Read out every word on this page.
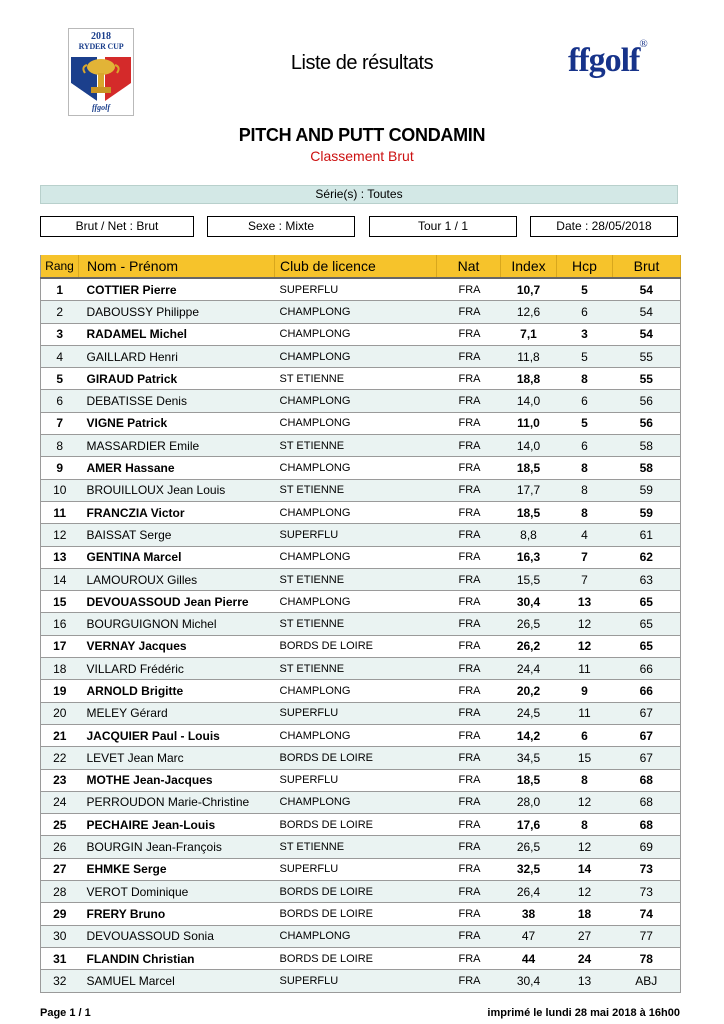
2018
RYDER CUP
ffgolf
Liste de résultats	ffgolf®
PITCH AND PUTT CONDAMIN
Classement Brut
Série(s) : Toutes
Brut / Net : Brut	Sexe : Mixte	Tour 1 / 1	Date : 28/05/2018
Rang	Nom - Prénom	Club de licence	Nat	Index	Hcp	Brut
1	COTTIER Pierre	SUPERFLU	FRA	10,7	5	54
2	DABOUSSY Philippe	CHAMPLONG	FRA	12,6	6	54
3	RADAMEL Michel	CHAMPLONG	FRA	7,1	3	54
4	GAILLARD Henri	CHAMPLONG	FRA	11,8	5	55
5	GIRAUD Patrick	ST ETIENNE	FRA	18,8	8	55
6	DEBATISSE Denis	CHAMPLONG	FRA	14,0	6	56
7	VIGNE Patrick	CHAMPLONG	FRA	11,0	5	56
8	MASSARDIER Emile	ST ETIENNE	FRA	14,0	6	58
9	AMER Hassane	CHAMPLONG	FRA	18,5	8	58
10	BROUILLOUX Jean Louis	ST ETIENNE	FRA	17,7	8	59
11	FRANCZIA Victor	CHAMPLONG	FRA	18,5	8	59
12	BAISSAT Serge	SUPERFLU	FRA	8,8	4	61
13	GENTINA Marcel	CHAMPLONG	FRA	16,3	7	62
14	LAMOUROUX Gilles	ST ETIENNE	FRA	15,5	7	63
15	DEVOUASSOUD Jean Pierre	CHAMPLONG	FRA	30,4	13	65
16	BOURGUIGNON Michel	ST ETIENNE	FRA	26,5	12	65
17	VERNAY Jacques	BORDS DE LOIRE	FRA	26,2	12	65
18	VILLARD Frédéric	ST ETIENNE	FRA	24,4	11	66
19	ARNOLD Brigitte	CHAMPLONG	FRA	20,2	9	66
20	MELEY Gérard	SUPERFLU	FRA	24,5	11	67
21	JACQUIER Paul - Louis	CHAMPLONG	FRA	14,2	6	67
22	LEVET Jean Marc	BORDS DE LOIRE	FRA	34,5	15	67
23	MOTHE Jean-Jacques	SUPERFLU	FRA	18,5	8	68
24	PERROUDON Marie-Christine	CHAMPLONG	FRA	28,0	12	68
25	PECHAIRE Jean-Louis	BORDS DE LOIRE	FRA	17,6	8	68
26	BOURGIN Jean-François	ST ETIENNE	FRA	26,5	12	69
27	EHMKE Serge	SUPERFLU	FRA	32,5	14	73
28	VEROT Dominique	BORDS DE LOIRE	FRA	26,4	12	73
29	FRERY Bruno	BORDS DE LOIRE	FRA	38	18	74
30	DEVOUASSOUD Sonia	CHAMPLONG	FRA	47	27	77
31	FLANDIN Christian	BORDS DE LOIRE	FRA	44	24	78
32	SAMUEL Marcel	SUPERFLU	FRA	30,4	13	ABJ
Page 1 / 1	imprimé le lundi 28 mai 2018 à 16h00
